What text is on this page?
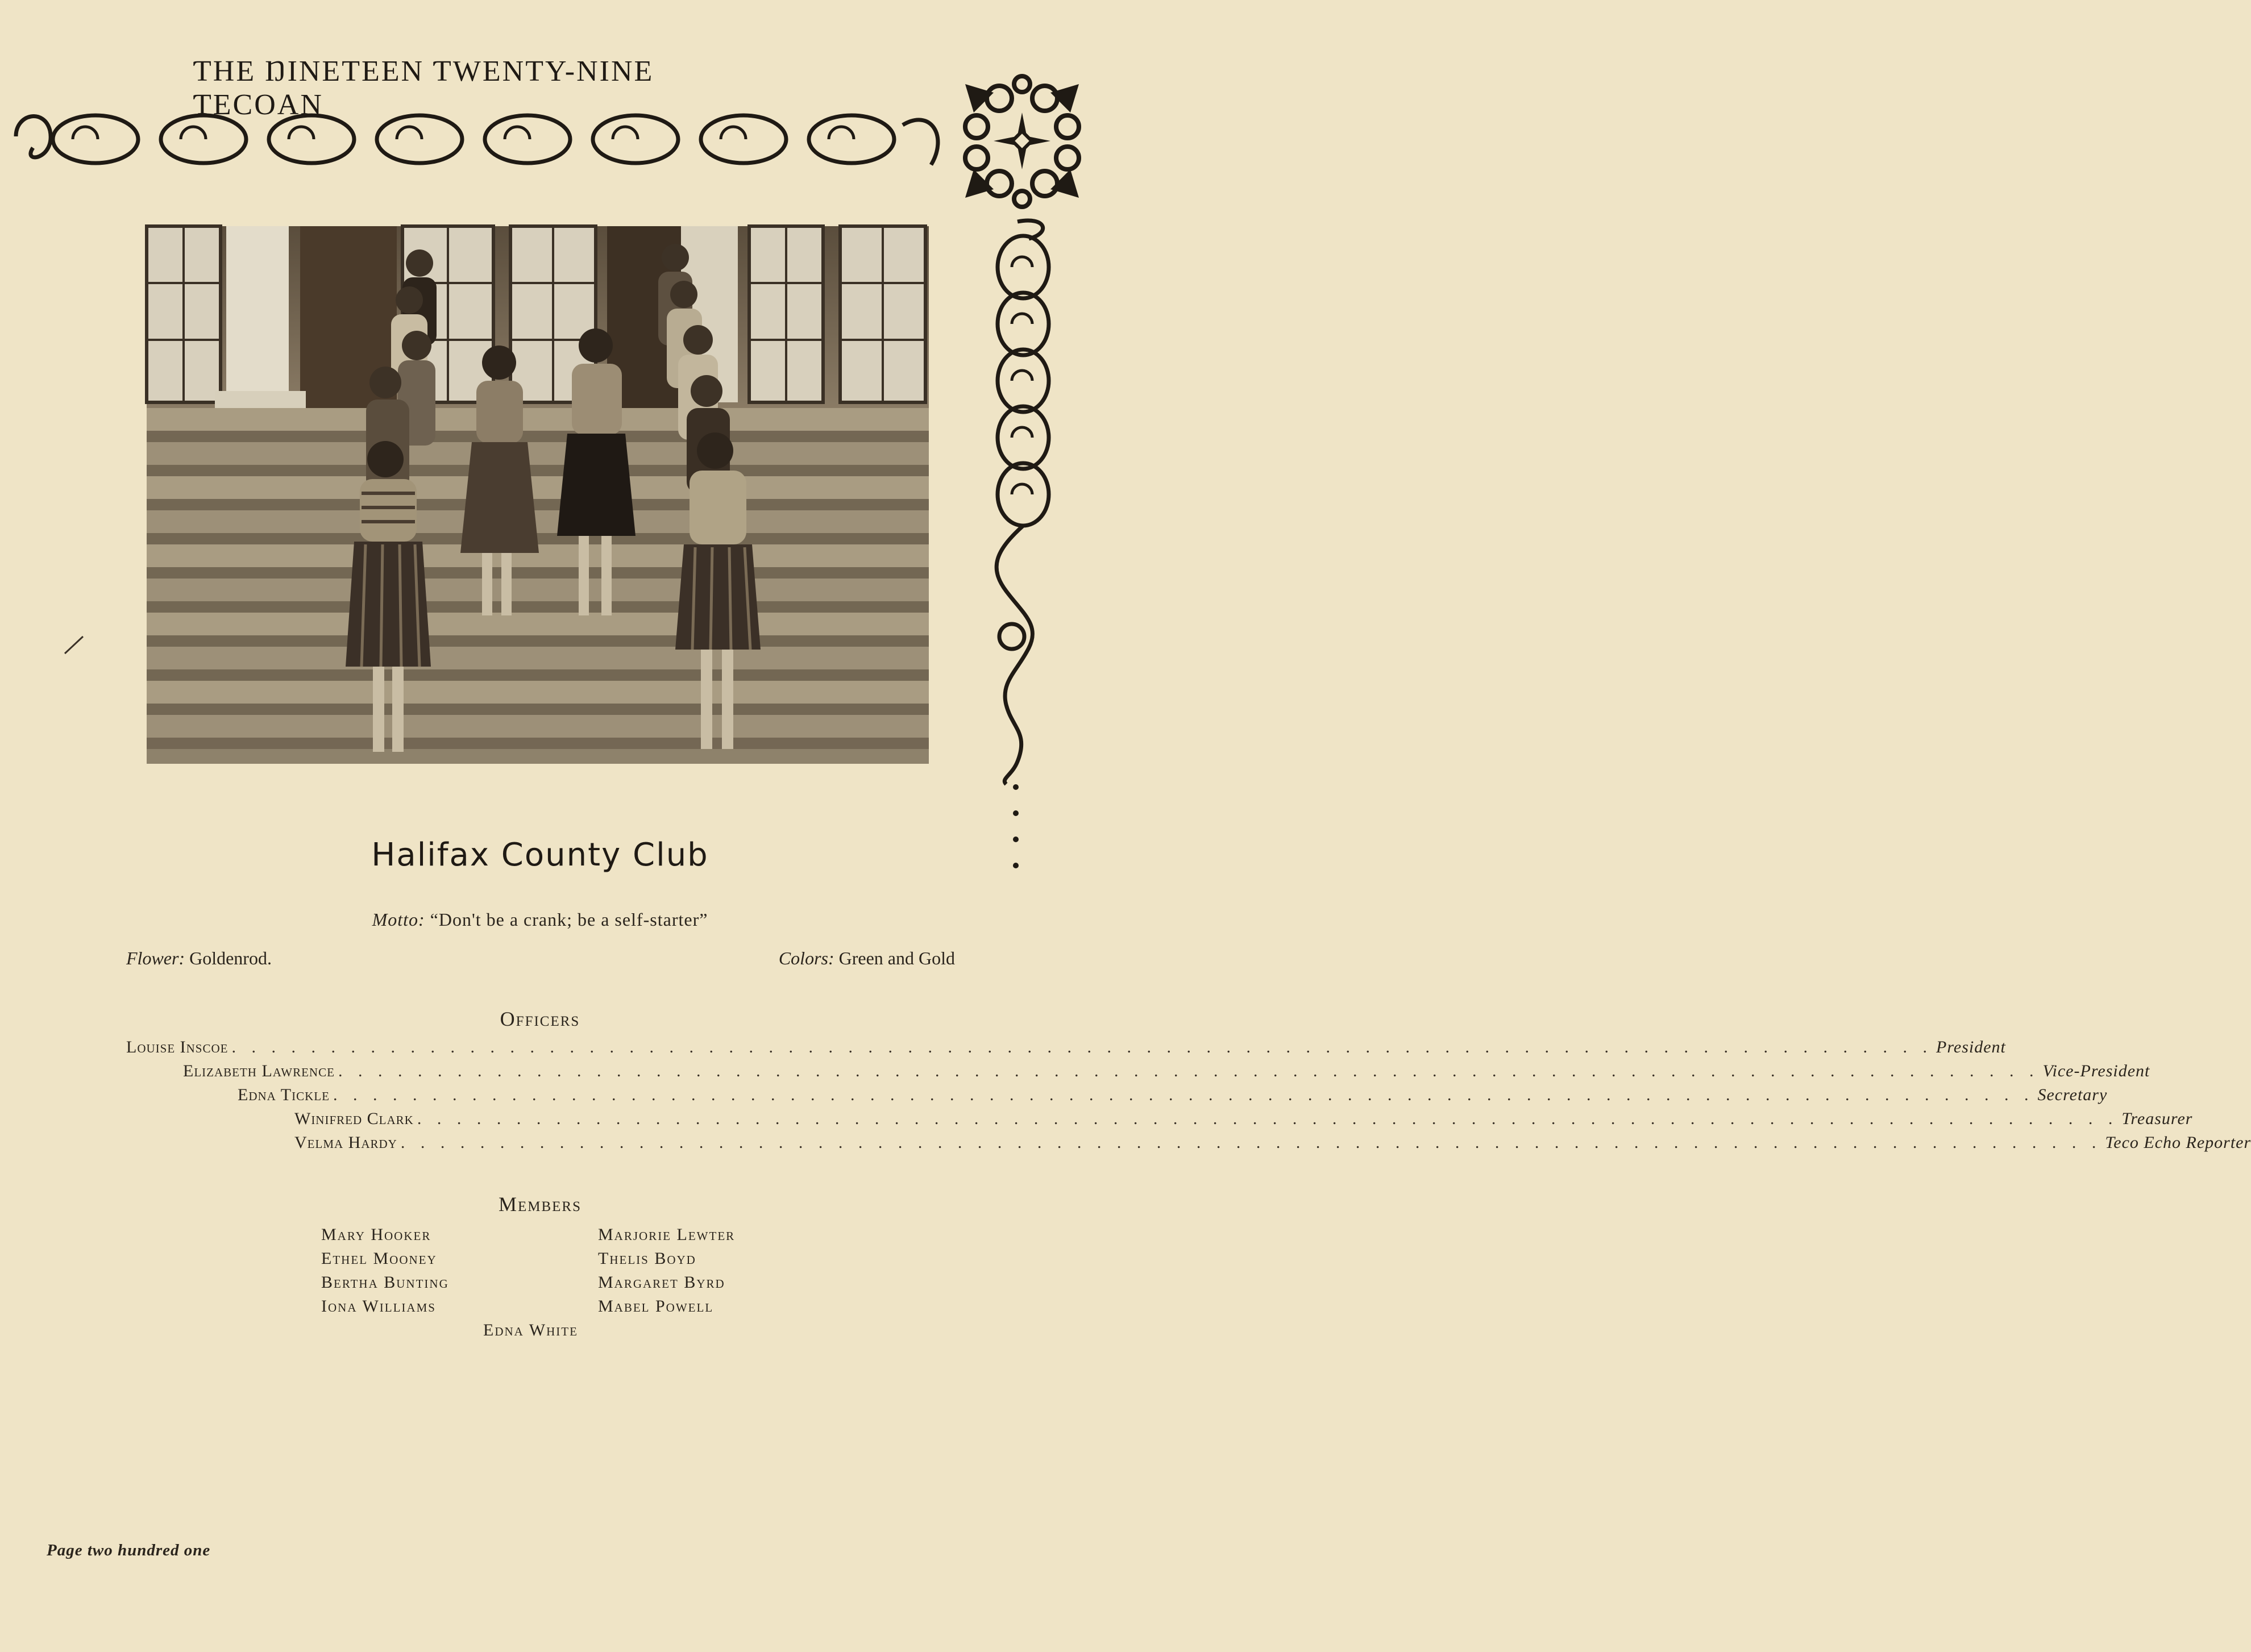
ƬHE ŊINETEEN ƬWENTY-NINE ƬECOAN
Halifax County Club
Motto: “Don't be a crank; be a self-starter”
Flower: Goldenrod.	Colors: Green and Gold
Officers
Louise Inscoe . . . . . . . . . . . . . . . . . . . . . . . . . . . . . . . . . . . . . . . . . . . . . . . . . . . . . . . . . . . . . . . . . . . . . . . . . . . . . . . . . . . . . . President
Elizabeth Lawrence . . . . . . . . . . . . . . . . . . . . . . . . . . . . . . . . . . . . . . . . . . . . . . . . . . . . . . . . . . . . . . . . . . . . . . . . . . . . . . . . . . . . . . Vice-President
Edna Tickle . . . . . . . . . . . . . . . . . . . . . . . . . . . . . . . . . . . . . . . . . . . . . . . . . . . . . . . . . . . . . . . . . . . . . . . . . . . . . . . . . . . . . . Secretary
Winifred Clark . . . . . . . . . . . . . . . . . . . . . . . . . . . . . . . . . . . . . . . . . . . . . . . . . . . . . . . . . . . . . . . . . . . . . . . . . . . . . . . . . . . . . . Treasurer
Velma Hardy . . . . . . . . . . . . . . . . . . . . . . . . . . . . . . . . . . . . . . . . . . . . . . . . . . . . . . . . . . . . . . . . . . . . . . . . . . . . . . . . . . . . . . Teco Echo Reporter
Members
Mary Hooker
Ethel Mooney
Bertha Bunting
Iona Williams
Marjorie Lewter
Thelis Boyd
Margaret Byrd
Mabel Powell
Edna White
Page two hundred one
